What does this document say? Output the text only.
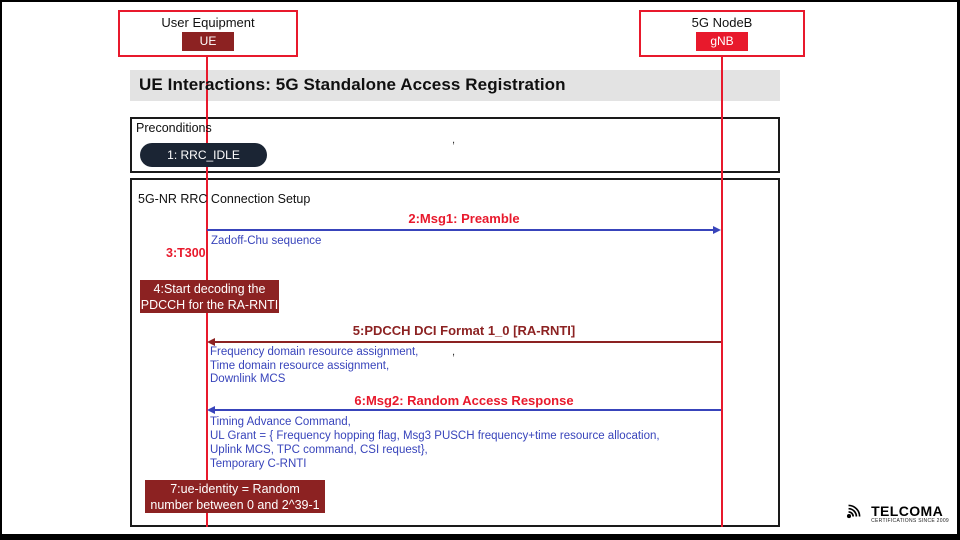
User Equipment
UE
5G NodeB
gNB
UE Interactions: 5G Standalone Access Registration
Preconditions
1: RRC_IDLE
,
5G-NR RRC Connection Setup
2:Msg1: Preamble
Zadoff-Chu sequence
3:T300
4:Start decoding the
PDCCH for the RA-RNTI
5:PDCCH DCI Format 1_0 [RA-RNTI]
Frequency domain resource assignment,
Time domain resource assignment,
Downlink MCS
,
6:Msg2: Random Access Response
Timing Advance Command,
UL Grant = { Frequency hopping flag, Msg3 PUSCH frequency+time resource allocation,
Uplink MCS, TPC command, CSI request},
Temporary C-RNTI
7:ue-identity = Random
number between 0 and 2^39-1	TELCOMA
CERTIFICATIONS SINCE 2009
